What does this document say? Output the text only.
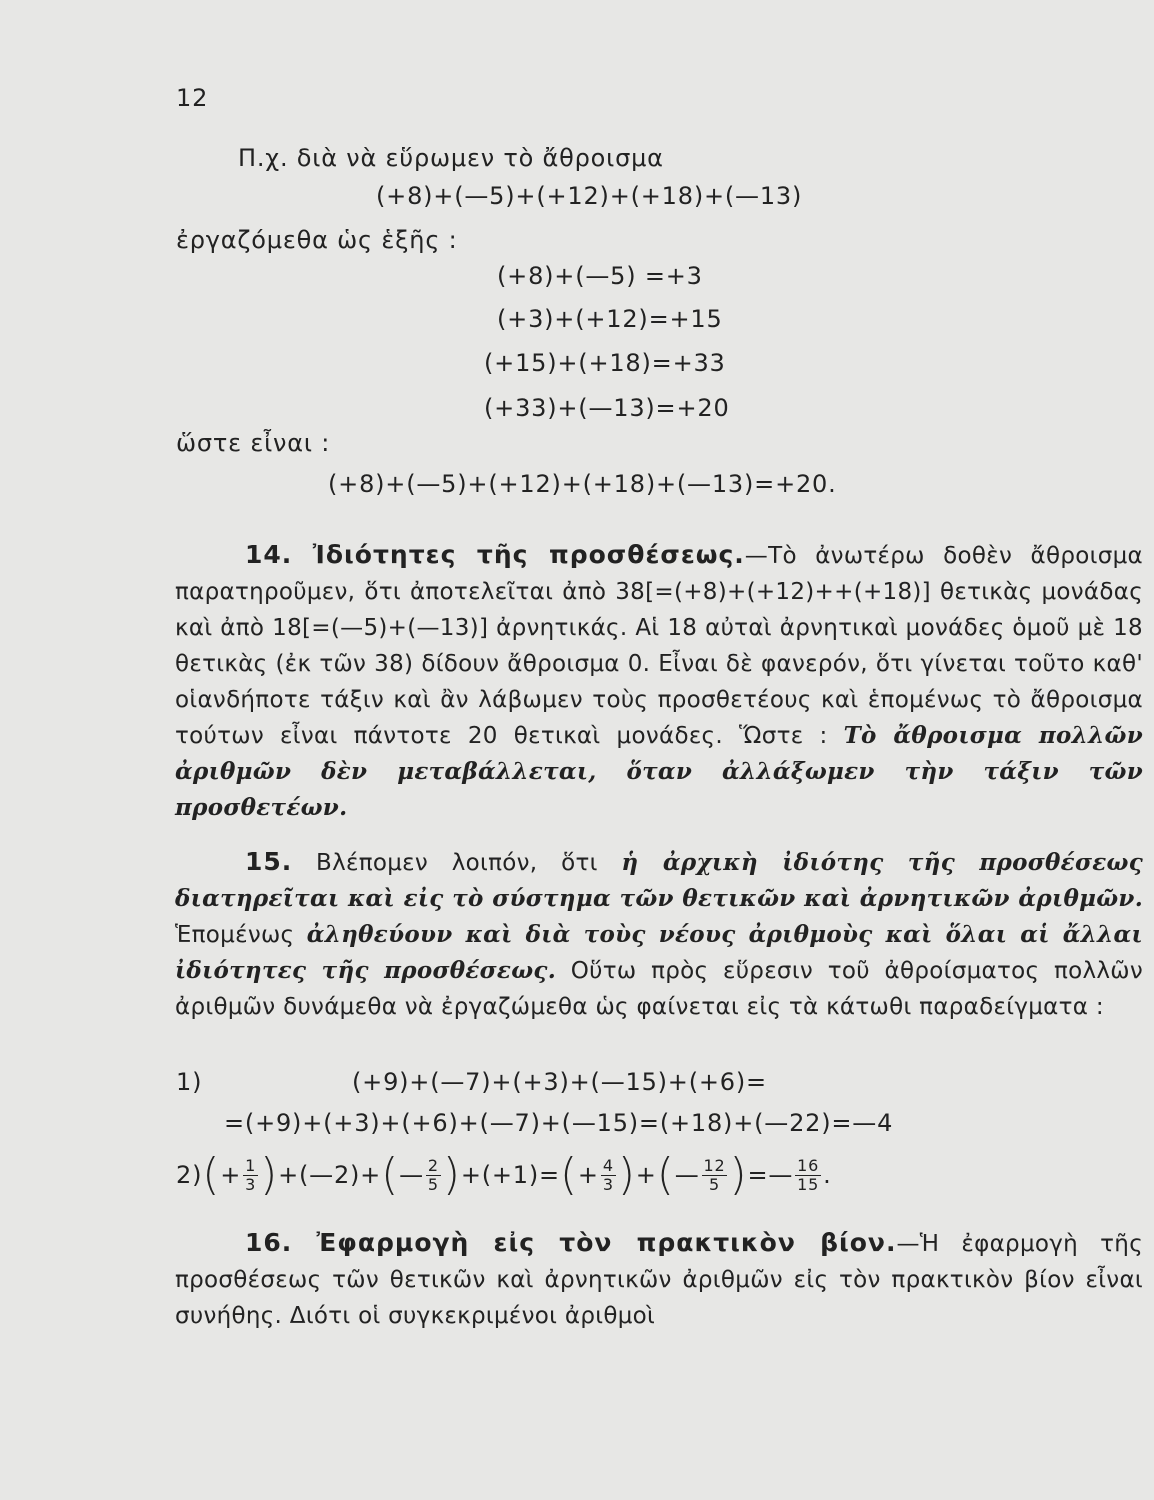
12
Π.χ. διὰ νὰ εὕρωμεν τὸ ἄθροισμα
(+8)+(—5)+(+12)+(+18)+(—13)
ἐργαζόμεθα ὡς ἑξῆς :
(+8)+(—5) =+3
(+3)+(+12)=+15
(+15)+(+18)=+33
(+33)+(—13)=+20
ὥστε εἶναι :
(+8)+(—5)+(+12)+(+18)+(—13)=+20.

14. Ἰδιότητες τῆς προσθέσεως.—Τὸ ἀνωτέρω δοθὲν ἄθροισμα παρατηροῦμεν, ὅτι ἀποτελεῖται ἀπὸ 38[=(+8)+(+12)++(+18)] θετικὰς μονάδας καὶ ἀπὸ 18[=(—5)+(—13)] ἀρνητικάς. Αἱ 18 αὐταὶ ἀρνητικαὶ μονάδες ὁμοῦ μὲ 18 θετικὰς (ἐκ τῶν 38) δίδουν ἄθροισμα 0. Εἶναι δὲ φανερόν, ὅτι γίνεται τοῦτο καθ' οἱανδήποτε τάξιν καὶ ἂν λάβωμεν τοὺς προσθετέους καὶ ἑπομένως τὸ ἄθροισμα τούτων εἶναι πάντοτε 20 θετικαὶ μονάδες. Ὥστε : Τὸ ἄθροισμα πολλῶν ἀριθμῶν δὲν μεταβάλλεται, ὅταν ἀλλάξωμεν τὴν τάξιν τῶν προσθετέων.

15. Βλέπομεν λοιπόν, ὅτι ἡ ἀρχικὴ ἰδιότης τῆς προσθέσεως διατηρεῖται καὶ εἰς τὸ σύστημα τῶν θετικῶν καὶ ἀρνητικῶν ἀριθμῶν. Ἑπομένως ἀληθεύουν καὶ διὰ τοὺς νέους ἀριθμοὺς καὶ ὅλαι αἱ ἄλλαι ἰδιότητες τῆς προσθέσεως. Οὕτω πρὸς εὕρεσιν τοῦ ἀθροίσματος πολλῶν ἀριθμῶν δυνάμεθα νὰ ἐργαζώμεθα ὡς φαίνεται εἰς τὰ κάτωθι παραδείγματα :

1)	(+9)+(—7)+(+3)+(—15)+(+6)=
=(+9)+(+3)+(+6)+(—7)+(—15)=(+18)+(—22)=—4
2) ( + $\frac{1}{3}$ ) +(—2)+ ( — $\frac{2}{5}$ ) +(+1)= ( + $\frac{4}{3}$ ) + ( — $\frac{12}{5}$ ) =— $\frac{16}{15}$ .

16. Ἐφαρμογὴ εἰς τὸν πρακτικὸν βίον.—Ἡ ἐφαρμογὴ τῆς προσθέσεως τῶν θετικῶν καὶ ἀρνητικῶν ἀριθμῶν εἰς τὸν πρακτικὸν βίον εἶναι συνήθης. Διότι οἱ συγκεκριμένοι ἀριθμοὶ
